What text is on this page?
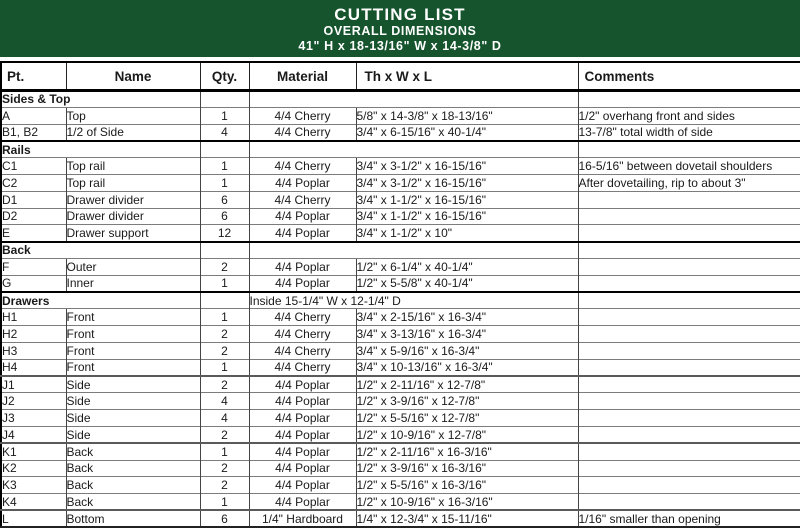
CUTTING LIST
OVERALL DIMENSIONS
41" H x 18-13/16" W x 14-3/8" D
Pt.	Name	Qty.	Material	Th x W x L	Comments
Sides & Top					
A	Top	1	4/4 Cherry	5/8" x 14-3/8" x 18-13/16"	1/2" overhang front and sides
B1, B2	1/2 of Side	4	4/4 Cherry	3/4" x 6-15/16" x 40-1/4"	13-7/8" total width of side
Rails					
C1	Top rail	1	4/4 Cherry	3/4" x 3-1/2" x 16-15/16"	16-5/16" between dovetail shoulders
C2	Top rail	1	4/4 Poplar	3/4" x 3-1/2" x 16-15/16"	After dovetailing, rip to about 3"
D1	Drawer divider	6	4/4 Cherry	3/4" x 1-1/2" x 16-15/16"	
D2	Drawer divider	6	4/4 Poplar	3/4" x 1-1/2" x 16-15/16"	
E	Drawer support	12	4/4 Poplar	3/4" x 1-1/2" x 10"	
Back					
F	Outer	2	4/4 Poplar	1/2" x 6-1/4" x 40-1/4"	
G	Inner	1	4/4 Poplar	1/2" x 5-5/8" x 40-1/4"	
Drawers			Inside 15-1/4" W x 12-1/4" D		
H1	Front	1	4/4 Cherry	3/4" x 2-15/16" x 16-3/4"	
H2	Front	2	4/4 Cherry	3/4" x 3-13/16" x 16-3/4"	
H3	Front	2	4/4 Cherry	3/4" x 5-9/16" x 16-3/4"	
H4	Front	1	4/4 Cherry	3/4" x 10-13/16" x 16-3/4"	
J1	Side	2	4/4 Poplar	1/2" x 2-11/16" x 12-7/8"	
J2	Side	4	4/4 Poplar	1/2" x 3-9/16" x 12-7/8"	
J3	Side	4	4/4 Poplar	1/2" x 5-5/16" x 12-7/8"	
J4	Side	2	4/4 Poplar	1/2" x 10-9/16" x 12-7/8"	
K1	Back	1	4/4 Poplar	1/2" x 2-11/16" x 16-3/16"	
K2	Back	2	4/4 Poplar	1/2" x 3-9/16" x 16-3/16"	
K3	Back	2	4/4 Poplar	1/2" x 5-5/16" x 16-3/16"	
K4	Back	1	4/4 Poplar	1/2" x 10-9/16" x 16-3/16"	
L	Bottom	6	1/4" Hardboard	1/4" x 12-3/4" x 15-11/16"	1/16" smaller than opening
